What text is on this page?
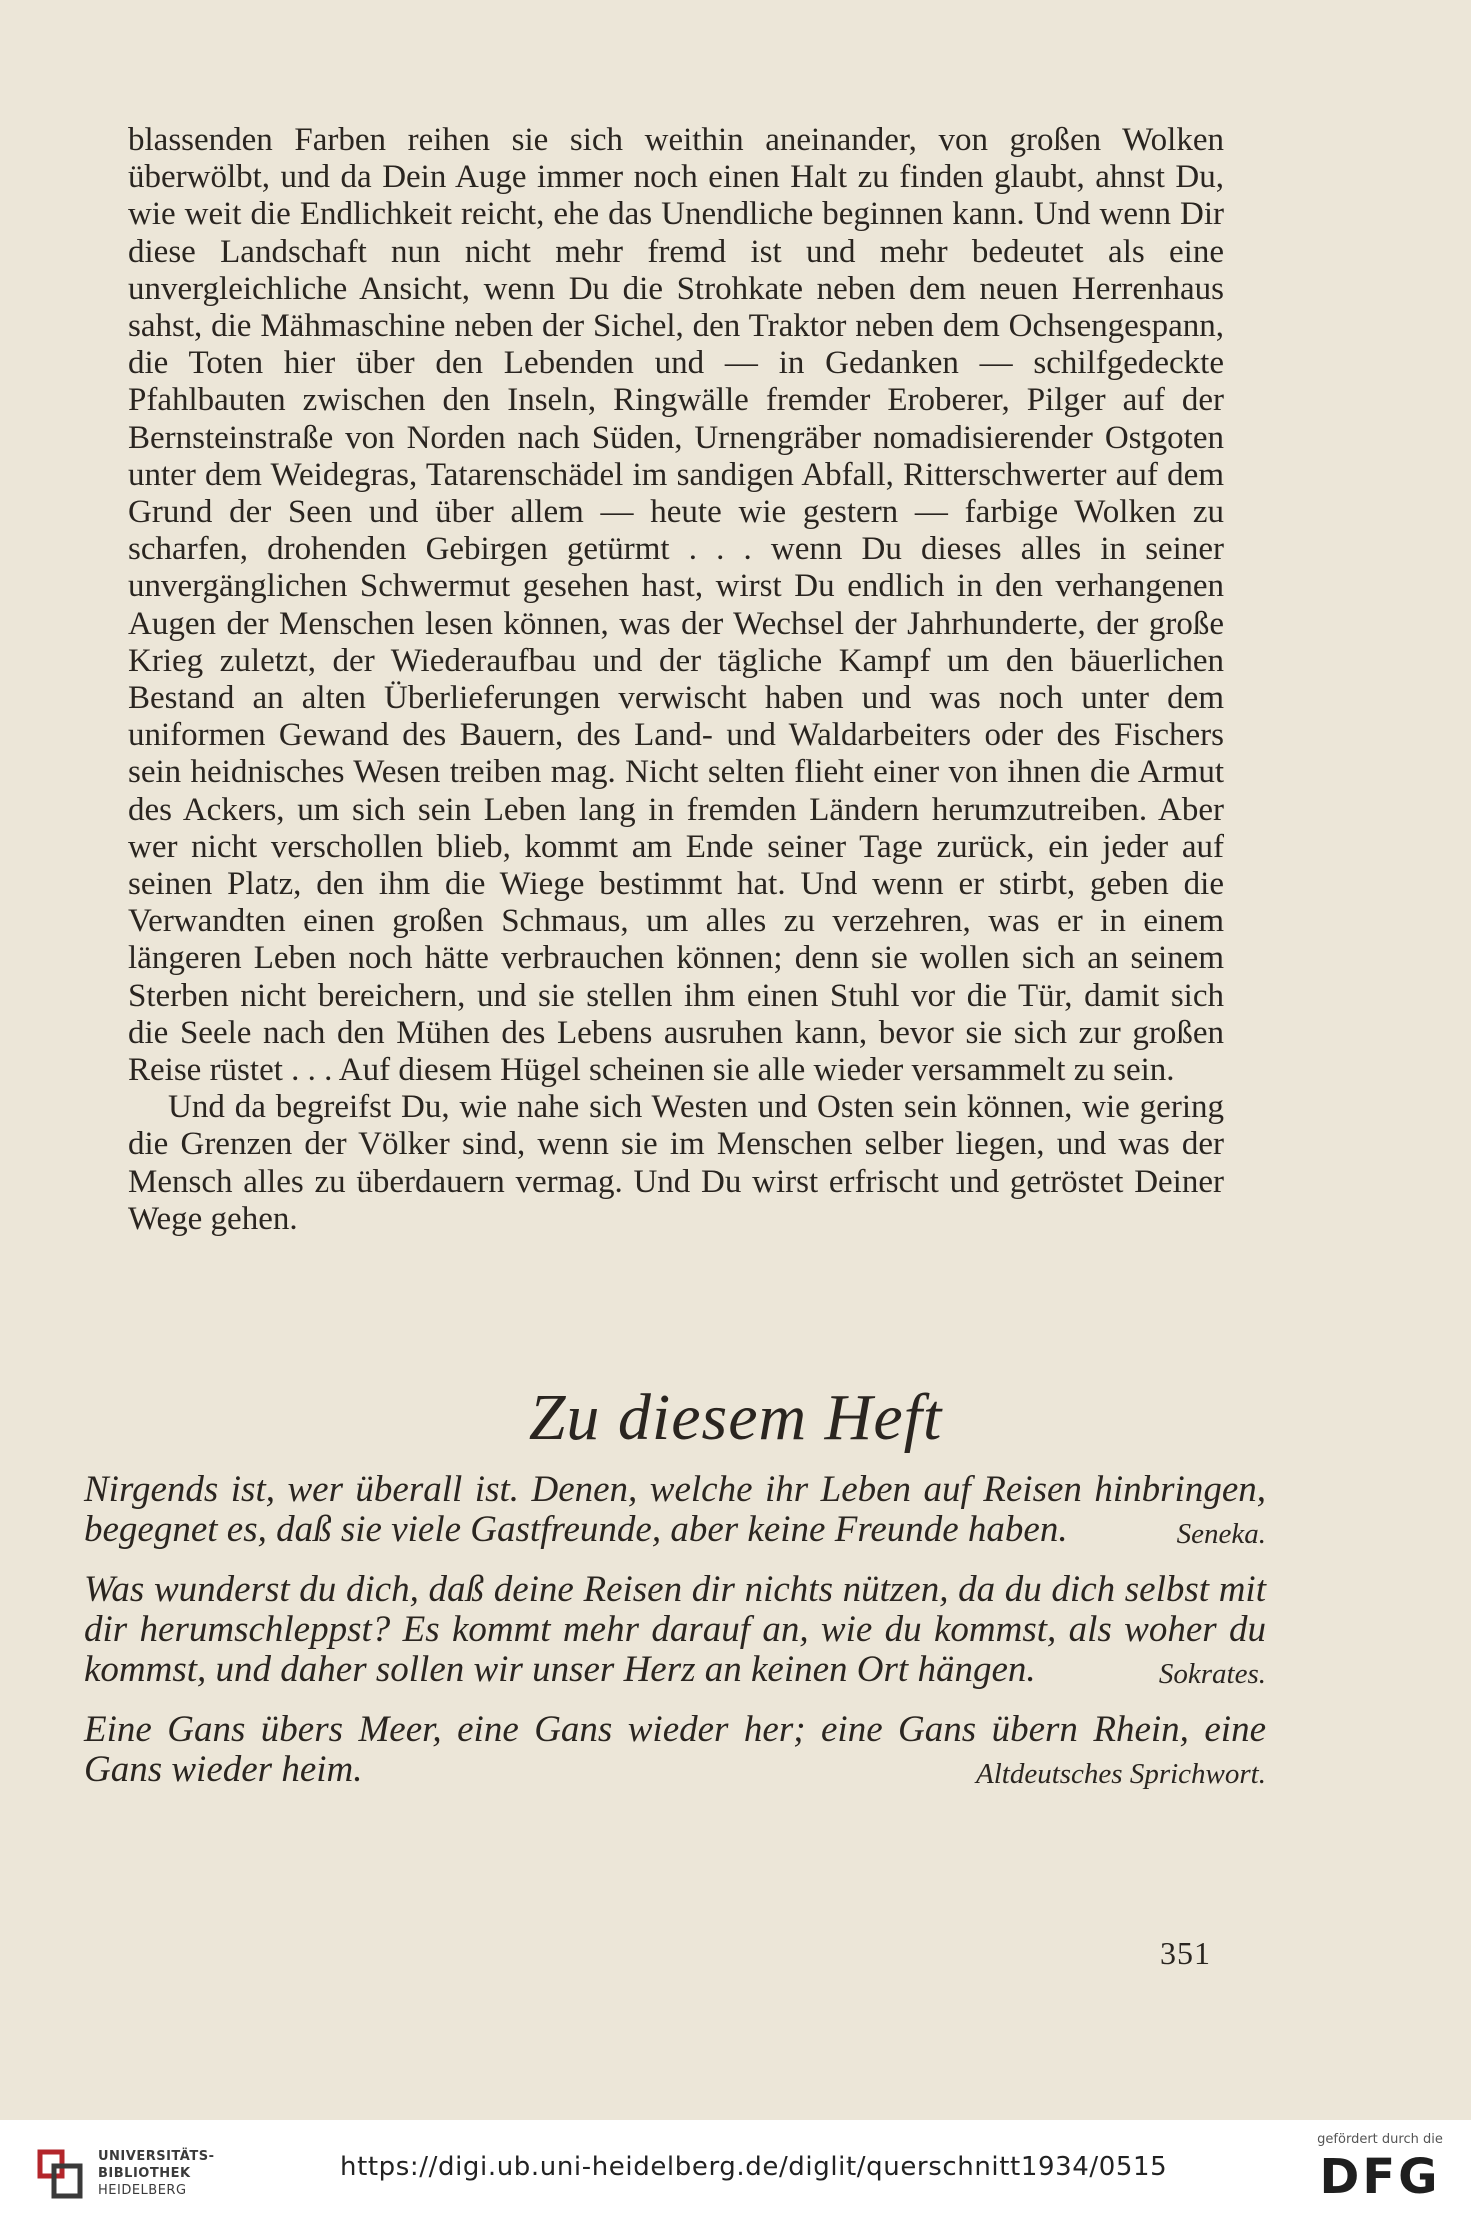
blassenden Farben reihen sie sich weithin aneinander, von großen Wolken überwölbt, und da Dein Auge immer noch einen Halt zu finden glaubt, ahnst Du, wie weit die Endlichkeit reicht, ehe das Unendliche beginnen kann. Und wenn Dir diese Landschaft nun nicht mehr fremd ist und mehr bedeutet als eine unvergleichliche Ansicht, wenn Du die Strohkate neben dem neuen Herrenhaus sahst, die Mähmaschine neben der Sichel, den Traktor neben dem Ochsengespann, die Toten hier über den Lebenden und — in Gedanken — schilfgedeckte Pfahlbauten zwischen den Inseln, Ringwälle fremder Eroberer, Pilger auf der Bernsteinstraße von Norden nach Süden, Urnengräber nomadisierender Ostgoten unter dem Weidegras, Tatarenschädel im sandigen Abfall, Ritterschwerter auf dem Grund der Seen und über allem — heute wie gestern — farbige Wolken zu scharfen, drohenden Gebirgen getürmt . . . wenn Du dieses alles in seiner unvergänglichen Schwermut gesehen hast, wirst Du endlich in den verhangenen Augen der Menschen lesen können, was der Wechsel der Jahrhunderte, der große Krieg zuletzt, der Wiederaufbau und der tägliche Kampf um den bäuerlichen Bestand an alten Überlieferungen verwischt haben und was noch unter dem uniformen Gewand des Bauern, des Land- und Waldarbeiters oder des Fischers sein heidnisches Wesen treiben mag. Nicht selten flieht einer von ihnen die Armut des Ackers, um sich sein Leben lang in fremden Ländern herumzutreiben. Aber wer nicht verschollen blieb, kommt am Ende seiner Tage zurück, ein jeder auf seinen Platz, den ihm die Wiege bestimmt hat. Und wenn er stirbt, geben die Verwandten einen großen Schmaus, um alles zu verzehren, was er in einem längeren Leben noch hätte verbrauchen können; denn sie wollen sich an seinem Sterben nicht bereichern, und sie stellen ihm einen Stuhl vor die Tür, damit sich die Seele nach den Mühen des Lebens ausruhen kann, bevor sie sich zur großen Reise rüstet . . . Auf diesem Hügel scheinen sie alle wieder versammelt zu sein.

Und da begreifst Du, wie nahe sich Westen und Osten sein können, wie gering die Grenzen der Völker sind, wenn sie im Menschen selber liegen, und was der Mensch alles zu überdauern vermag. Und Du wirst erfrischt und getröstet Deiner Wege gehen.

Zu diesem Heft
Nirgends ist, wer überall ist. Denen, welche ihr Leben auf Reisen hinbringen, begegnet es, daß sie viele Gastfreunde, aber keine Freunde haben.	Seneka.
Was wunderst du dich, daß deine Reisen dir nichts nützen, da du dich selbst mit dir herumschleppst? Es kommt mehr darauf an, wie du kommst, als woher du kommst, und daher sollen wir unser Herz an keinen Ort hängen.	Sokrates.
Eine Gans übers Meer, eine Gans wieder her; eine Gans übern Rhein, eine Gans wieder heim.	Altdeutsches Sprichwort.
351
UNIVERSITÄTS-
BIBLIOTHEK
HEIDELBERG
https://digi.ub.uni-heidelberg.de/diglit/querschnitt1934/0515
gefördert durch die
DFG
